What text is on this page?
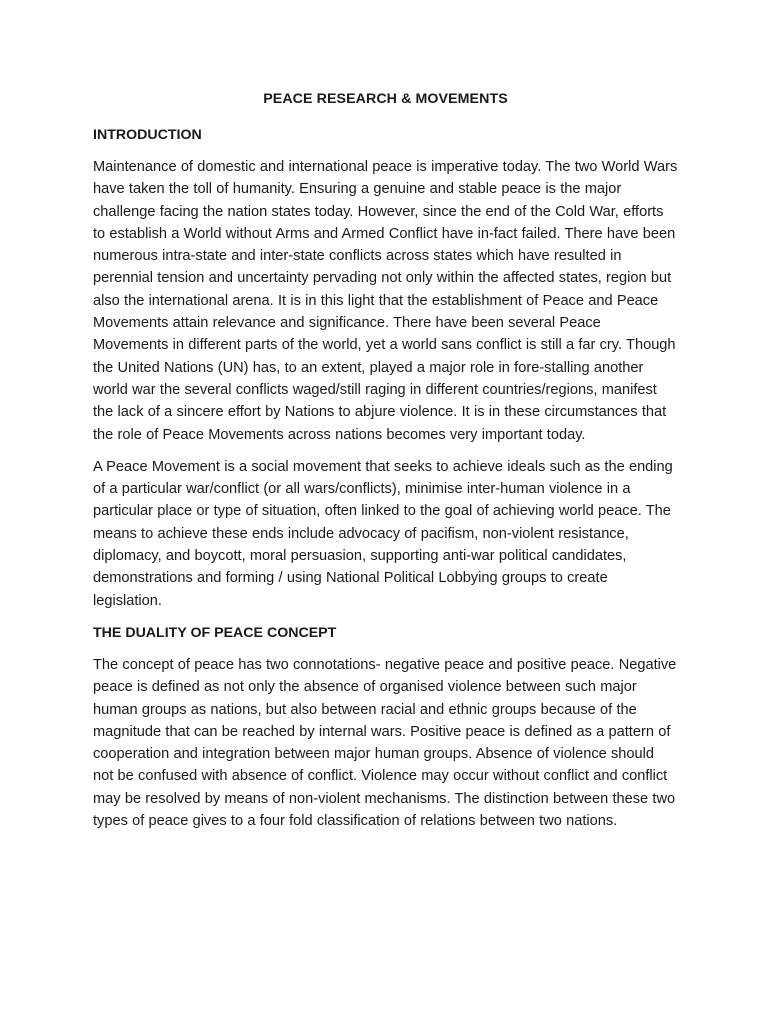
PEACE RESEARCH & MOVEMENTS
INTRODUCTION

Maintenance of domestic and international peace is imperative today. The two World Wars have taken the toll of humanity. Ensuring a genuine and stable peace is the major challenge facing the nation states today. However, since the end of the Cold War, efforts to establish a World without Arms and Armed Conflict have in-fact failed. There have been numerous intra-state and inter-state conflicts across states which have resulted in perennial tension and uncertainty pervading not only within the affected states, region but also the international arena. It is in this light that the establishment of Peace and Peace Movements attain relevance and significance. There have been several Peace Movements in different parts of the world, yet a world sans conflict is still a far cry. Though the United Nations (UN) has, to an extent, played a major role in fore-stalling another world war the several conflicts waged/still raging in different countries/regions, manifest the lack of a sincere effort by Nations to abjure violence. It is in these circumstances that the role of Peace Movements across nations becomes very important today.

A Peace Movement is a social movement that seeks to achieve ideals such as the ending of a particular war/conflict (or all wars/conflicts), minimise inter-human violence in a particular place or type of situation, often linked to the goal of achieving world peace. The means to achieve these ends include advocacy of pacifism, non-violent resistance, diplomacy, and boycott, moral persuasion, supporting anti-war political candidates, demonstrations and forming / using National Political Lobbying groups to create legislation.

THE DUALITY OF PEACE CONCEPT

The concept of peace has two connotations- negative peace and positive peace. Negative peace is defined as not only the absence of organised violence between such major human groups as nations, but also between racial and ethnic groups because of the magnitude that can be reached by internal wars. Positive peace is defined as a pattern of cooperation and integration between major human groups. Absence of violence should not be confused with absence of conflict. Violence may occur without conflict and conflict may be resolved by means of non-violent mechanisms. The distinction between these two types of peace gives to a four fold classification of relations between two nations.
